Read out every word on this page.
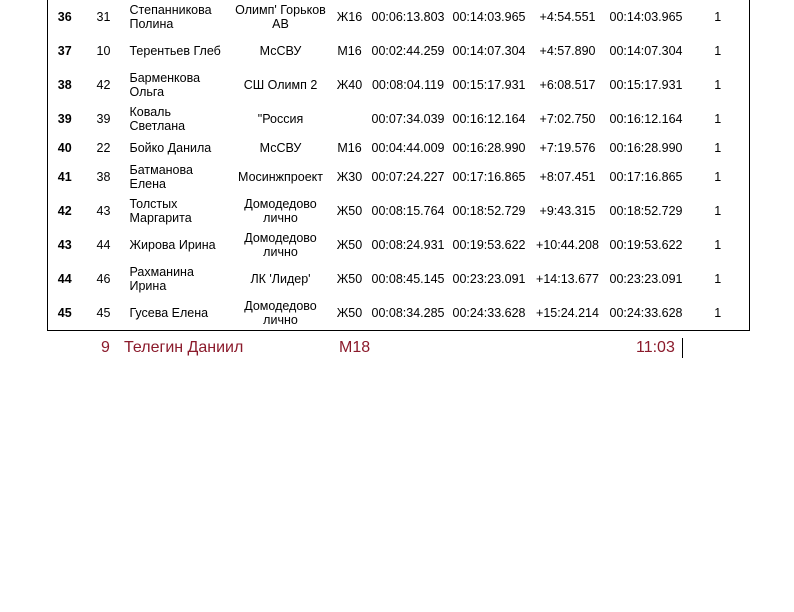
36	31	Степанникова Полина	Олимп' Горьков АВ	Ж16	00:06:13.803	00:14:03.965	+4:54.551	00:14:03.965	1
37	10	Терентьев Глеб	МсСВУ	М16	00:02:44.259	00:14:07.304	+4:57.890	00:14:07.304	1
38	42	Барменкова Ольга	СШ Олимп 2	Ж40	00:08:04.119	00:15:17.931	+6:08.517	00:15:17.931	1
39	39	Коваль Светлана	"Россия		00:07:34.039	00:16:12.164	+7:02.750	00:16:12.164	1
40	22	Бойко Данила	МсСВУ	М16	00:04:44.009	00:16:28.990	+7:19.576	00:16:28.990	1
41	38	Батманова Елена	Мосинжпроект	Ж30	00:07:24.227	00:17:16.865	+8:07.451	00:17:16.865	1
42	43	Толстых Маргарита	Домодедово лично	Ж50	00:08:15.764	00:18:52.729	+9:43.315	00:18:52.729	1
43	44	Жирова Ирина	Домодедово лично	Ж50	00:08:24.931	00:19:53.622	+10:44.208	00:19:53.622	1
44	46	Рахманина Ирина	ЛК 'Лидер'	Ж50	00:08:45.145	00:23:23.091	+14:13.677	00:23:23.091	1
45	45	Гусева Елена	Домодедово лично	Ж50	00:08:34.285	00:24:33.628	+15:24.214	00:24:33.628	1
9 Телегин Даниил	М18	11:03
